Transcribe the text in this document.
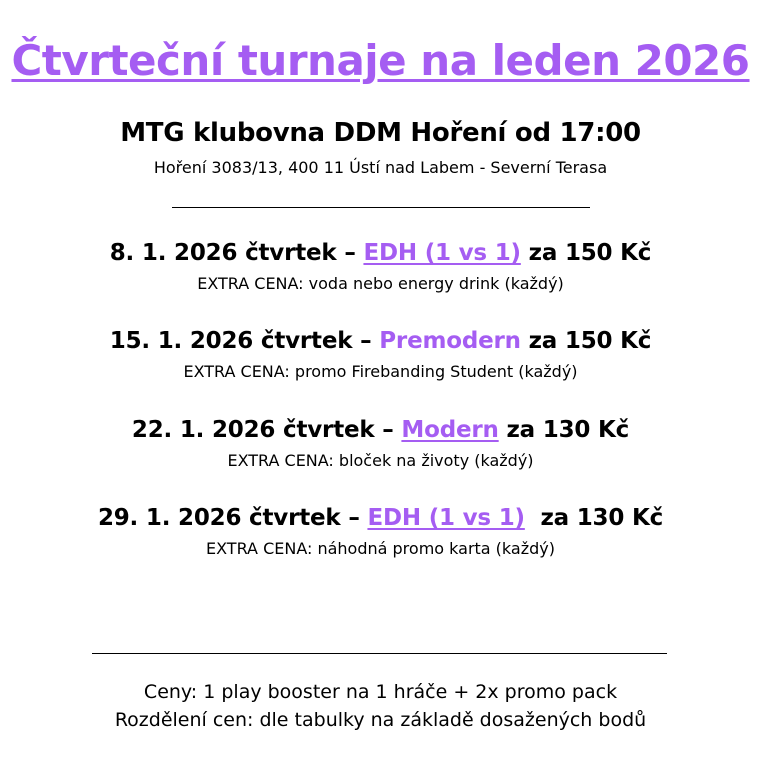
Čtvrteční turnaje na leden 2026
MTG klubovna DDM Hoření od 17:00
Hoření 3083/13, 400 11 Ústí nad Labem - Severní Terasa
8. 1. 2026 čtvrtek – EDH (1 vs 1) za 150 Kč
EXTRA CENA: voda nebo energy drink (každý)
15. 1. 2026 čtvrtek – Premodern za 150 Kč
EXTRA CENA: promo Firebanding Student (každý)
22. 1. 2026 čtvrtek – Modern za 130 Kč
EXTRA CENA: bloček na životy (každý)
29. 1. 2026 čtvrtek – EDH (1 vs 1)  za 130 Kč
EXTRA CENA: náhodná promo karta (každý)
Ceny: 1 play booster na 1 hráče + 2x promo pack
Rozdělení cen: dle tabulky na základě dosažených bodů
